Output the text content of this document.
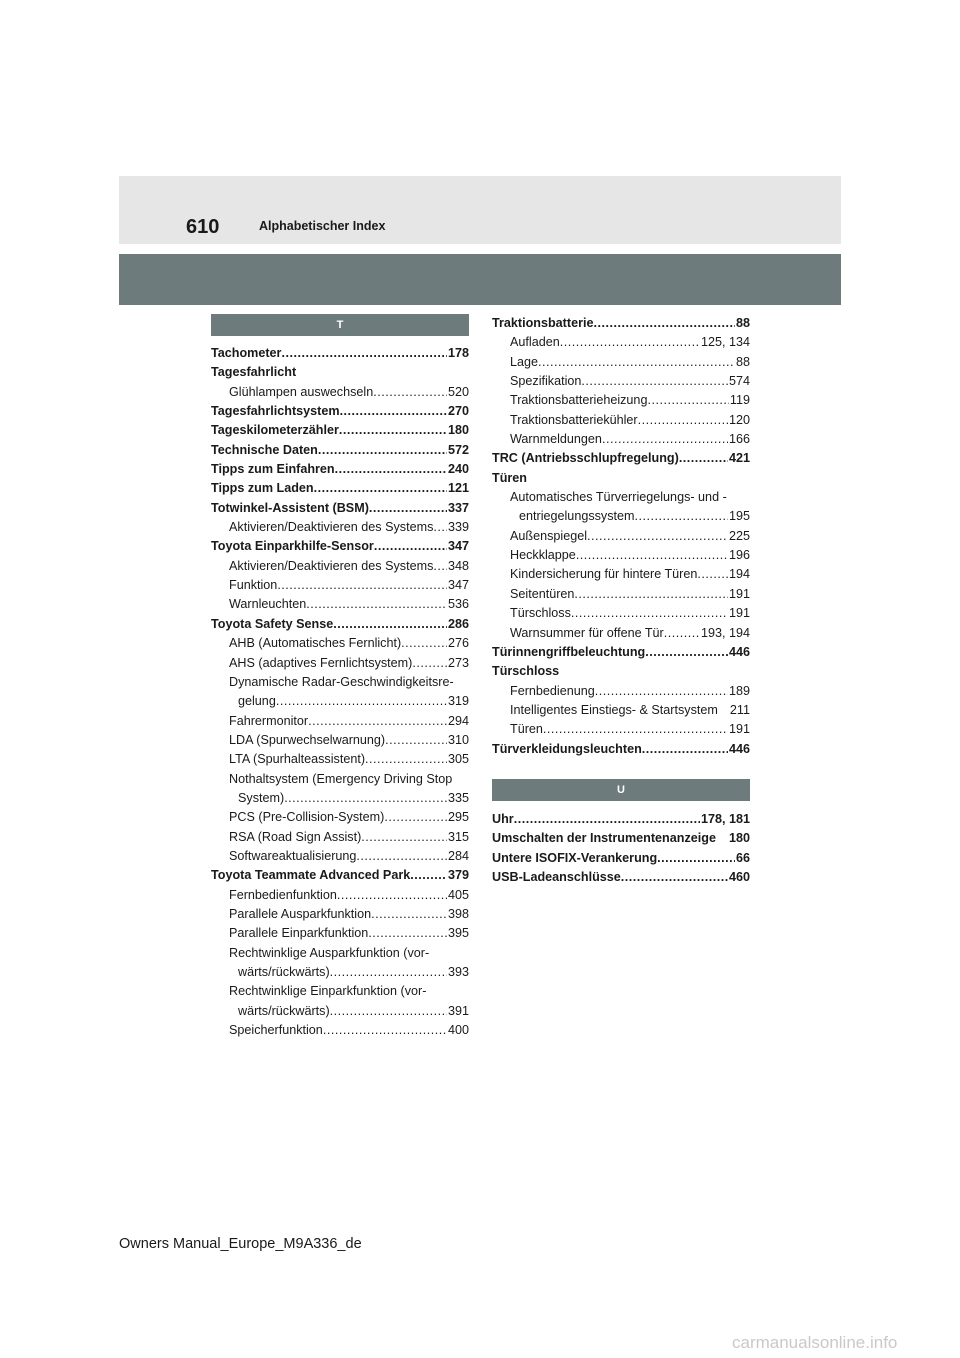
610	Alphabetischer Index
T
Tachometer .....	178
Tagesfahrlicht
Glühlampen auswechseln .....	520
Tagesfahrlichtsystem .....	270
Tageskilometerzähler .....	180
Technische Daten .....	572
Tipps zum Einfahren .....	240
Tipps zum Laden .....	121
Totwinkel-Assistent (BSM) .....	337
Aktivieren/Deaktivieren des Systems ..... 339
Toyota Einparkhilfe-Sensor .....	347
Aktivieren/Deaktivieren des Systems ..... 348
Funktion .....	347
Warnleuchten .....	536
Toyota Safety Sense .....	286
AHB (Automatisches Fernlicht) .....	276
AHS (adaptives Fernlichtsystem) .....	273
Dynamische Radar-Geschwindigkeitsre-
gelung .....	319
Fahrermonitor .....	294
LDA (Spurwechselwarnung) .....	310
LTA (Spurhalteassistent) .....	305
Nothaltsystem (Emergency Driving Stop
System) .....	335
PCS (Pre-Collision-System) .....	295
RSA (Road Sign Assist) .....	315
Softwareaktualisierung .....	284
Toyota Teammate Advanced Park .....	379
Fernbedienfunktion .....	405
Parallele Ausparkfunktion .....	398
Parallele Einparkfunktion .....	395
Rechtwinklige Ausparkfunktion (vor-
wärts/rückwärts) .....	393
Rechtwinklige Einparkfunktion (vor-
wärts/rückwärts) .....	391
Speicherfunktion .....	400
Traktionsbatterie .....	88
Aufladen .....	125, 134
Lage .....	88
Spezifikation .....	574
Traktionsbatterieheizung .....	119
Traktionsbatteriekühler .....	120
Warnmeldungen .....	166
TRC (Antriebsschlupfregelung) .....	421
Türen
Automatisches Türverriegelungs- und -
entriegelungssystem .....	195
Außenspiegel .....	225
Heckklappe .....	196
Kindersicherung für hintere Türen .....	194
Seitentüren .....	191
Türschloss .....	191
Warnsummer für offene Tür .....	193, 194
Türinnengriffbeleuchtung .....	446
Türschloss
Fernbedienung .....	189
Intelligentes Einstiegs- & Startsystem 211
Türen .....	191
Türverkleidungsleuchten .....	446
U
Uhr .....	178, 181
Umschalten der Instrumentenanzeige 180
Untere ISOFIX-Verankerung .....	66
USB-Ladeanschlüsse .....	460
Owners Manual_Europe_M9A336_de
carmanualsonline.info
